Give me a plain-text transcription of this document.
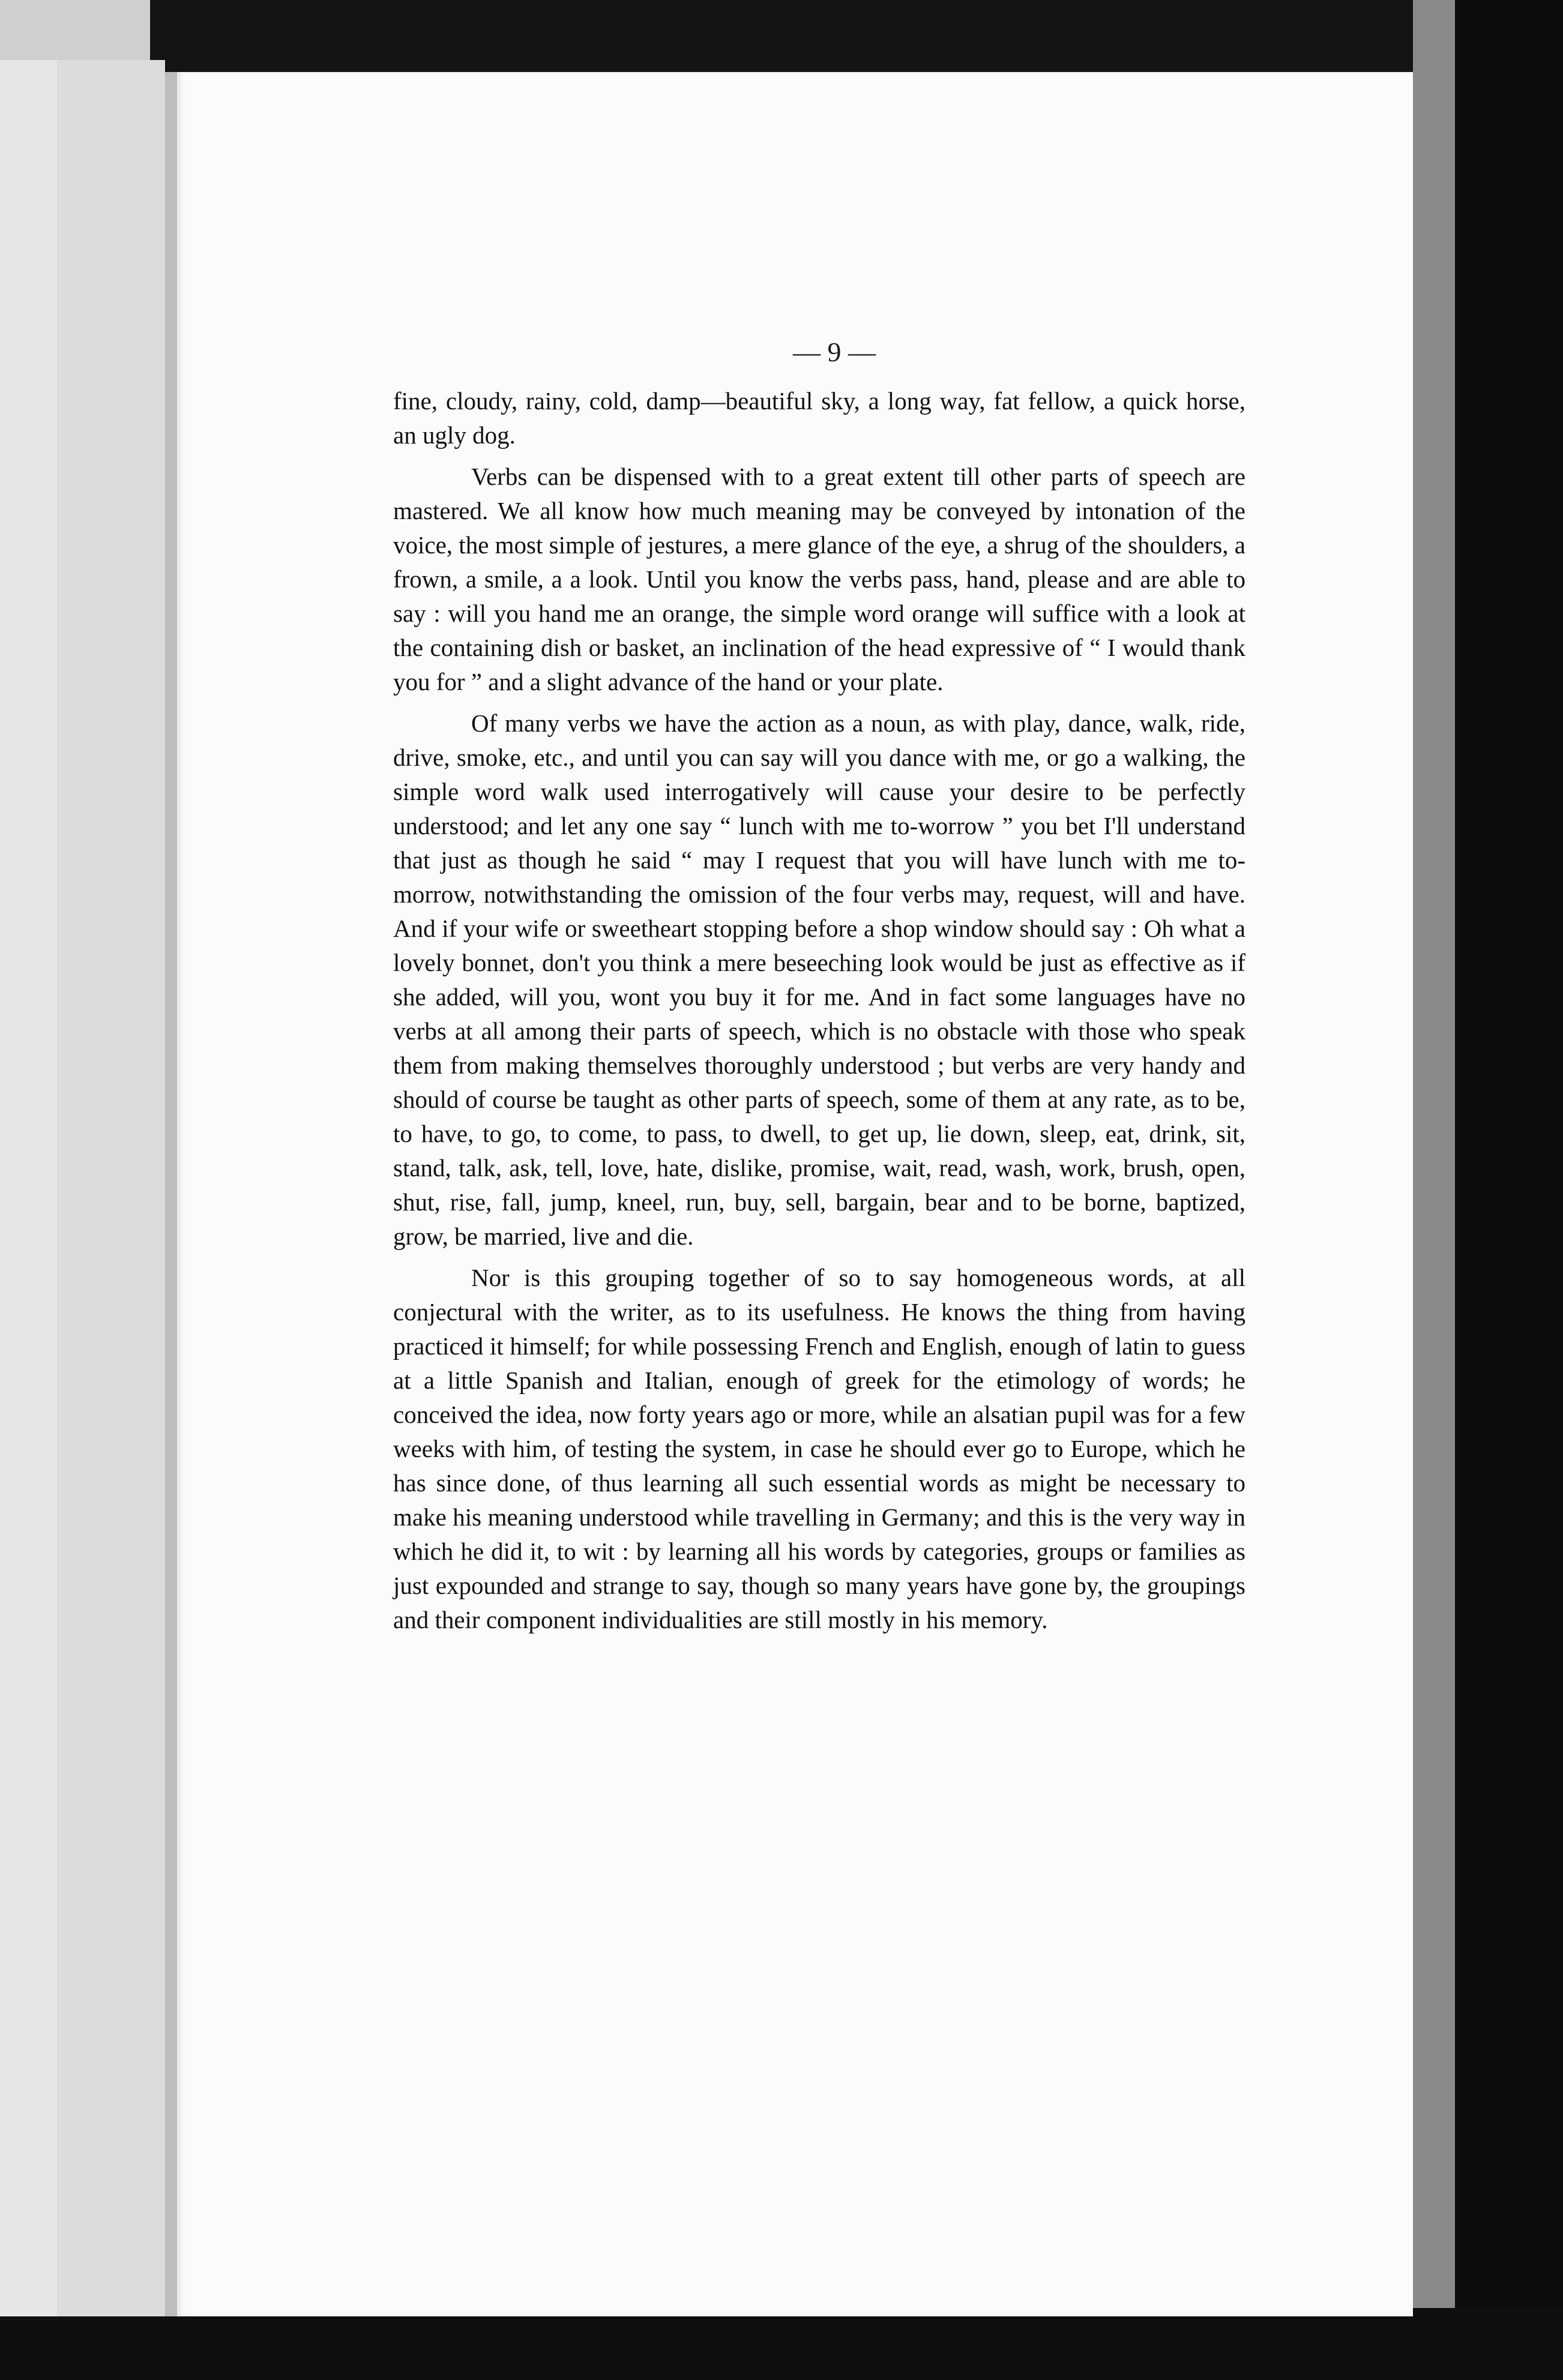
— 9 —

fine, cloudy, rainy, cold, damp—beautiful sky, a long way, fat fellow, a quick horse, an ugly dog.

Verbs can be dispensed with to a great extent till other parts of speech are mastered. We all know how much meaning may be conveyed by intonation of the voice, the most simple of jestures, a mere glance of the eye, a shrug of the shoulders, a frown, a smile, a a look. Until you know the verbs pass, hand, please and are able to say : will you hand me an orange, the simple word orange will suffice with a look at the containing dish or basket, an inclination of the head expressive of “ I would thank you for ” and a slight advance of the hand or your plate.

Of many verbs we have the action as a noun, as with play, dance, walk, ride, drive, smoke, etc., and until you can say will you dance with me, or go a walking, the simple word walk used interrogatively will cause your desire to be perfectly understood; and let any one say “ lunch with me to-worrow ” you bet I'll understand that just as though he said “ may I request that you will have lunch with me to-morrow, notwithstanding the omission of the four verbs may, request, will and have. And if your wife or sweetheart stopping before a shop window should say : Oh what a lovely bonnet, don't you think a mere beseeching look would be just as effective as if she added, will you, wont you buy it for me. And in fact some languages have no verbs at all among their parts of speech, which is no obstacle with those who speak them from making themselves thoroughly understood ; but verbs are very handy and should of course be taught as other parts of speech, some of them at any rate, as to be, to have, to go, to come, to pass, to dwell, to get up, lie down, sleep, eat, drink, sit, stand, talk, ask, tell, love, hate, dislike, promise, wait, read, wash, work, brush, open, shut, rise, fall, jump, kneel, run, buy, sell, bargain, bear and to be borne, baptized, grow, be married, live and die.

Nor is this grouping together of so to say homogeneous words, at all conjectural with the writer, as to its usefulness. He knows the thing from having practiced it himself; for while possessing French and English, enough of latin to guess at a little Spanish and Italian, enough of greek for the etimology of words; he conceived the idea, now forty years ago or more, while an alsatian pupil was for a few weeks with him, of testing the system, in case he should ever go to Europe, which he has since done, of thus learning all such essential words as might be necessary to make his meaning understood while travelling in Germany; and this is the very way in which he did it, to wit : by learning all his words by categories, groups or families as just expounded and strange to say, though so many years have gone by, the groupings and their component individualities are still mostly in his memory.
